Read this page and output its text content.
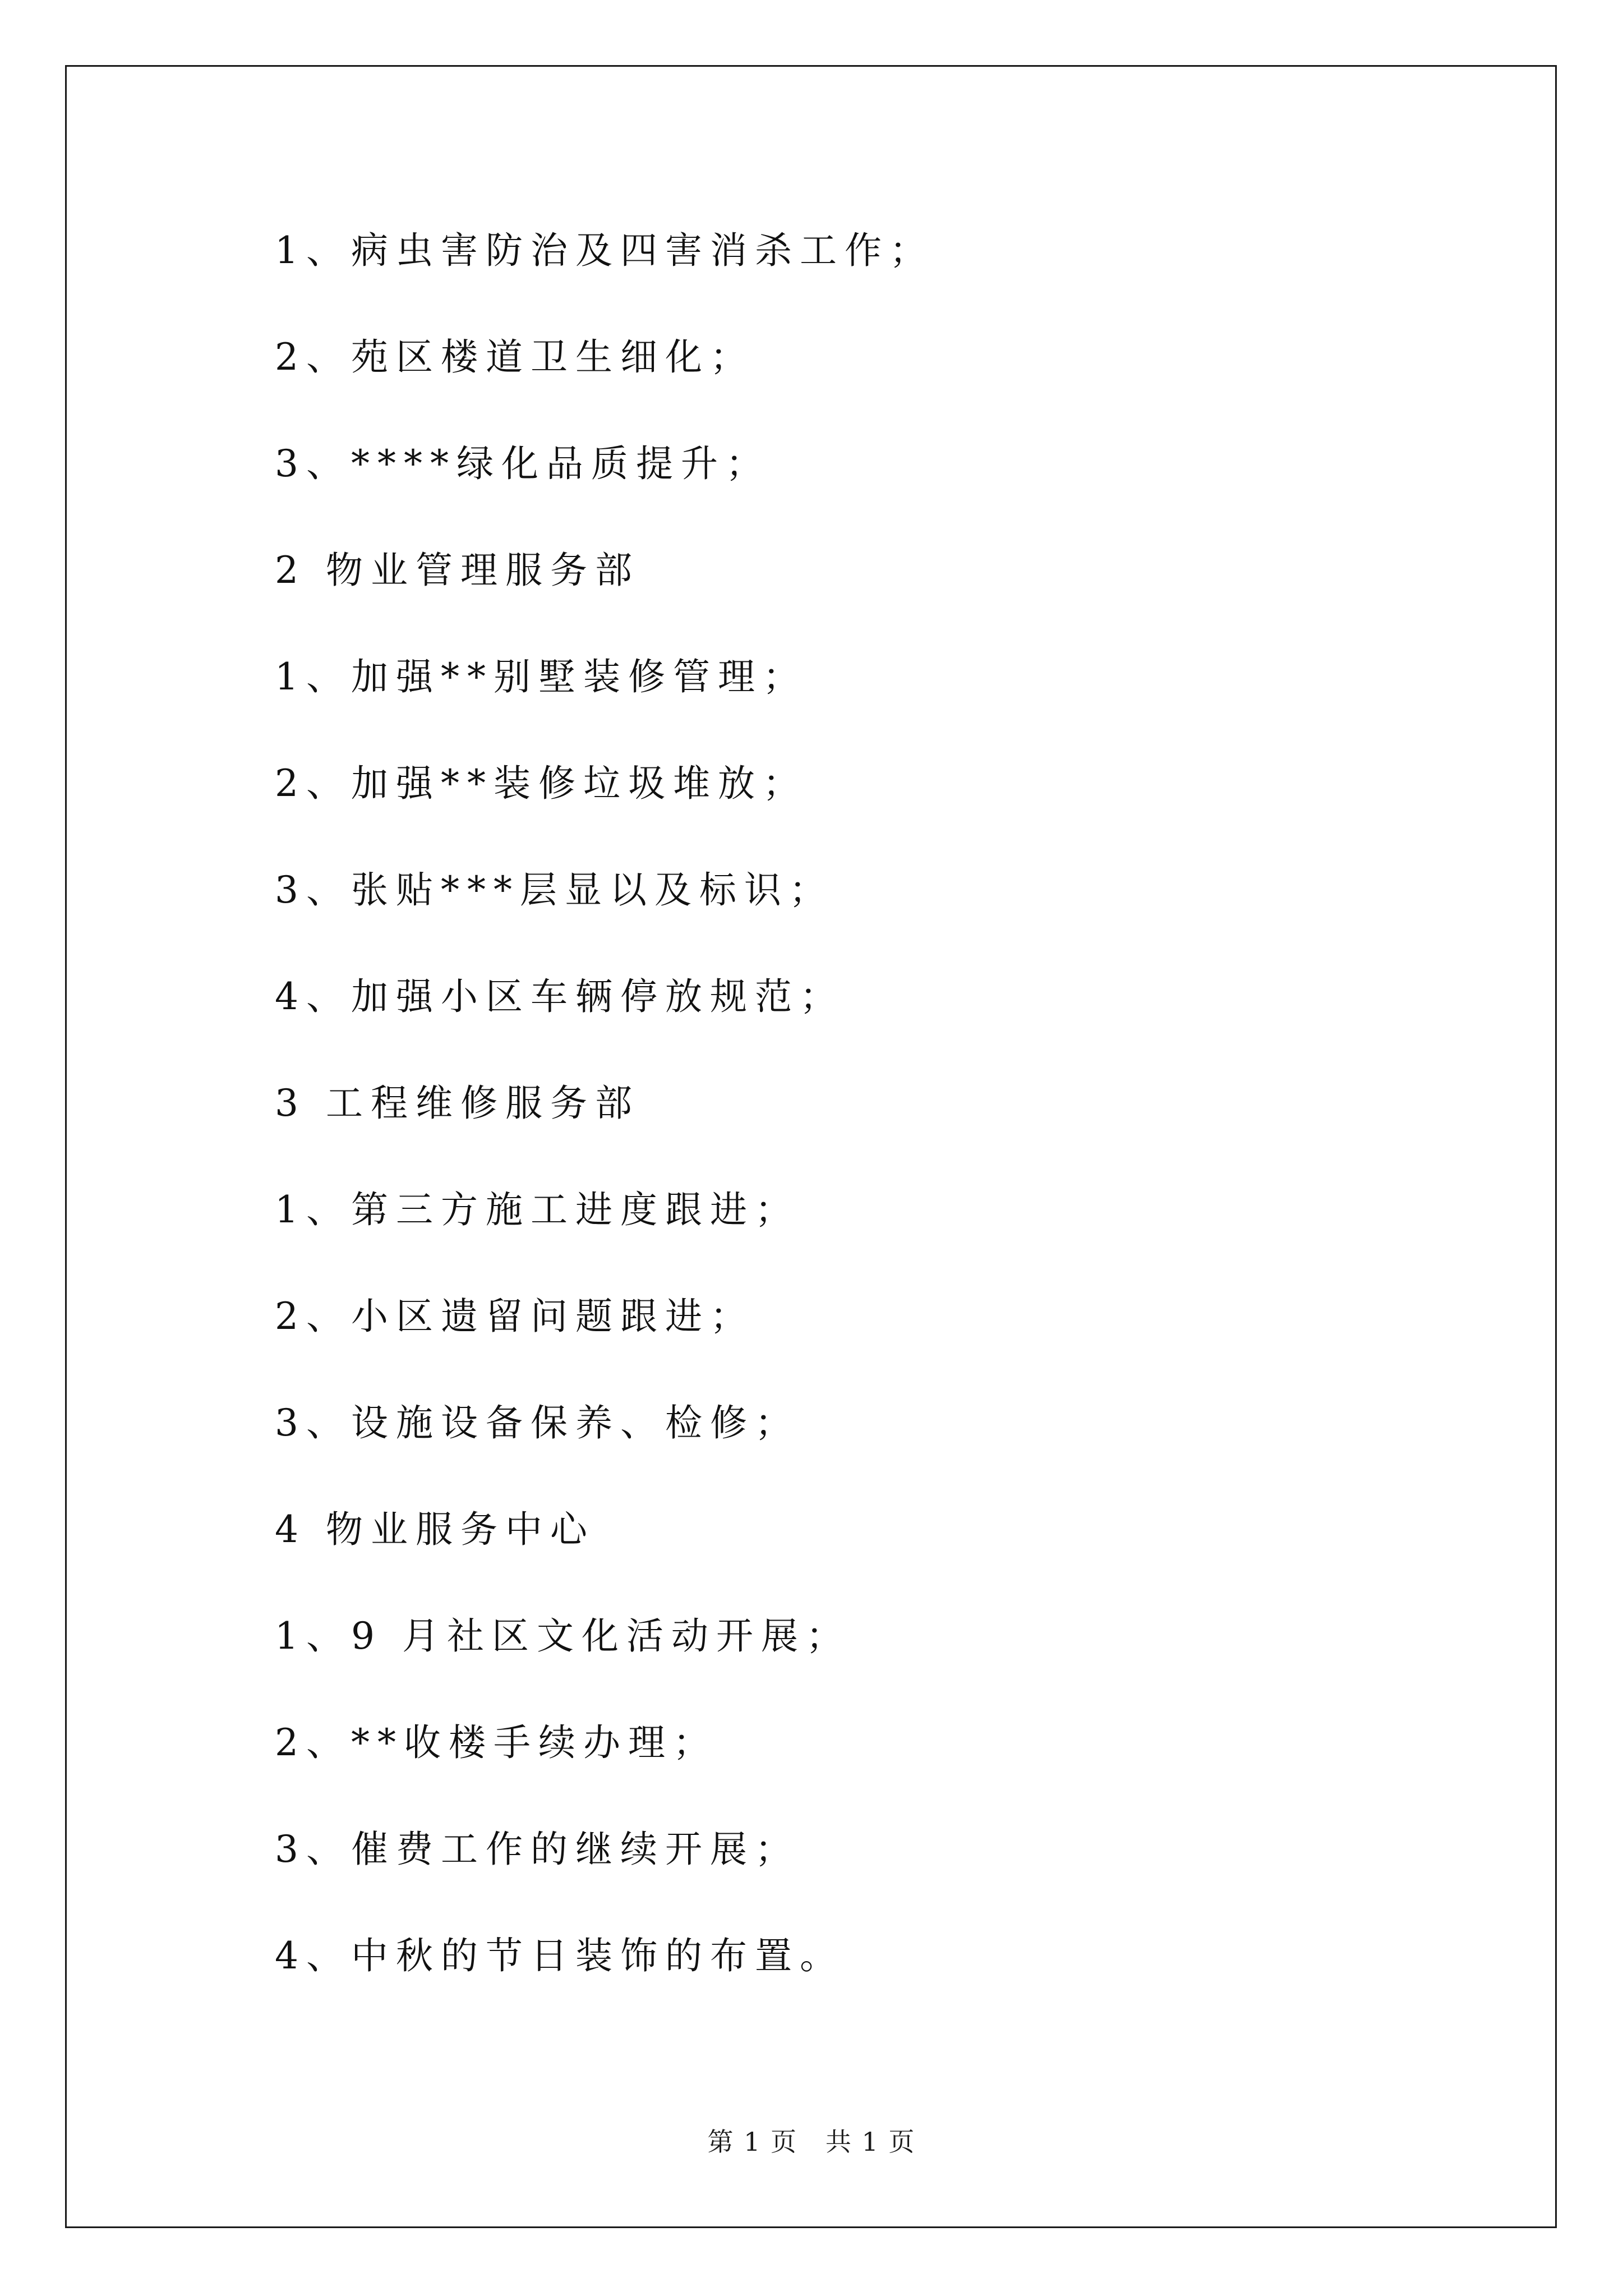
1、病虫害防治及四害消杀工作；
2、苑区楼道卫生细化；
3、****绿化品质提升；
2 物业管理服务部
1、加强**别墅装修管理；
2、加强**装修垃圾堆放；
3、张贴***层显以及标识；
4、加强小区车辆停放规范；
3 工程维修服务部
1、第三方施工进度跟进；
2、小区遗留问题跟进；
3、设施设备保养、检修；
4 物业服务中心
1、9 月社区文化活动开展；
2、**收楼手续办理；
3、催费工作的继续开展；
4、中秋的节日装饰的布置。
第 1 页   共 1 页
